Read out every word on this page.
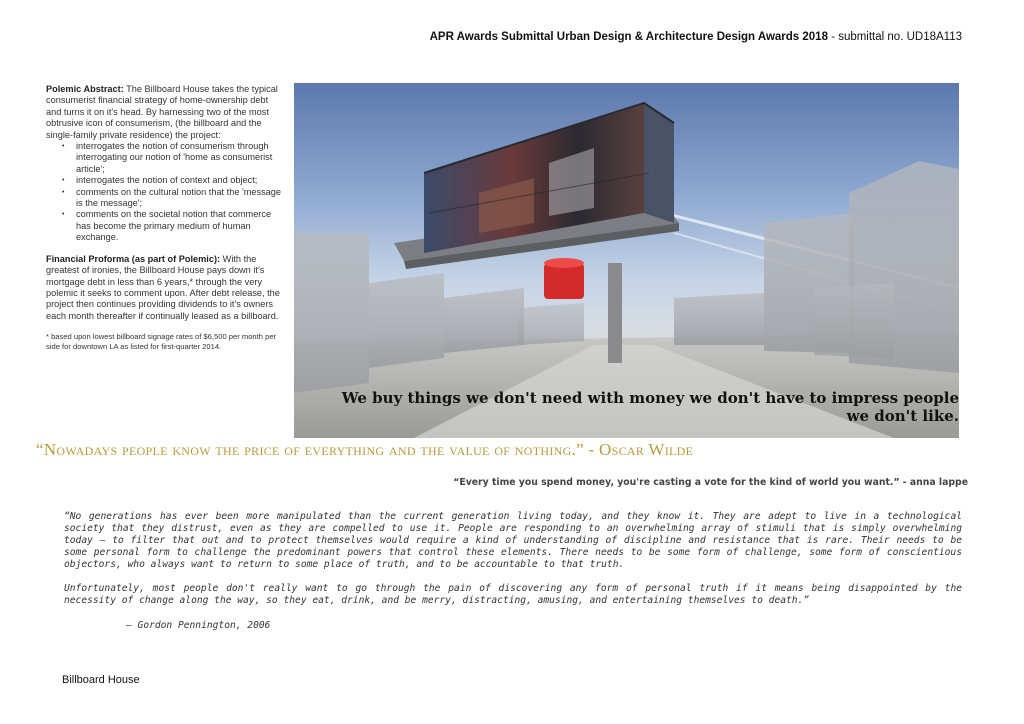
APR Awards Submittal Urban Design & Architecture Design Awards 2018 - submittal no. UD18A113

Polemic Abstract: The Billboard House takes the typical consumerist financial strategy of home-ownership debt and turns it on it's head. By harnessing two of the most obtrusive icon of consumerism, (the billboard and the single-family private residence) the project:

• interrogates the notion of consumerism through interrogating our notion of 'home as consumerist article';
• interrogates the notion of context and object;
• comments on the cultural notion that the 'message is the message';
• comments on the societal notion that commerce has become the primary medium of human exchange.

Financial Proforma (as part of Polemic): With the greatest of ironies, the Billboard House pays down it's mortgage debt in less than 6 years,* through the very polemic it seeks to comment upon. After debt release, the project then continues providing dividends to it's owners each month thereafter if continually leased as a billboard.

* based upon lowest billboard signage rates of $6,500 per month per side for downtown LA as listed for first-quarter 2014.

We buy things we don't need with money we don't have to impress people
we don't like.
“Nowadays people know the price of everything and the value of nothing.” - Oscar Wilde
“Every time you spend money, you're casting a vote for the kind of world you want.” - anna lappe

“No generations has ever been more manipulated than the current generation living today, and they know it. They are adept to live in a technological society that they distrust, even as they are compelled to use it. People are responding to an overwhelming array of stimuli that is simply overwhelming today – to filter that out and to protect themselves would require a kind of understanding of discipline and resistance that is rare. Their needs to be some personal form to challenge the predominant powers that control these elements. There needs to be some form of challenge, some form of conscientious objectors, who always want to return to some place of truth, and to be accountable to that truth.

Unfortunately, most people don't really want to go through the pain of discovering any form of personal truth if it means being disappointed by the necessity of change along the way, so they eat, drink, and be merry, distracting, amusing, and entertaining themselves to death.”

– Gordon Pennington, 2006
Billboard House
